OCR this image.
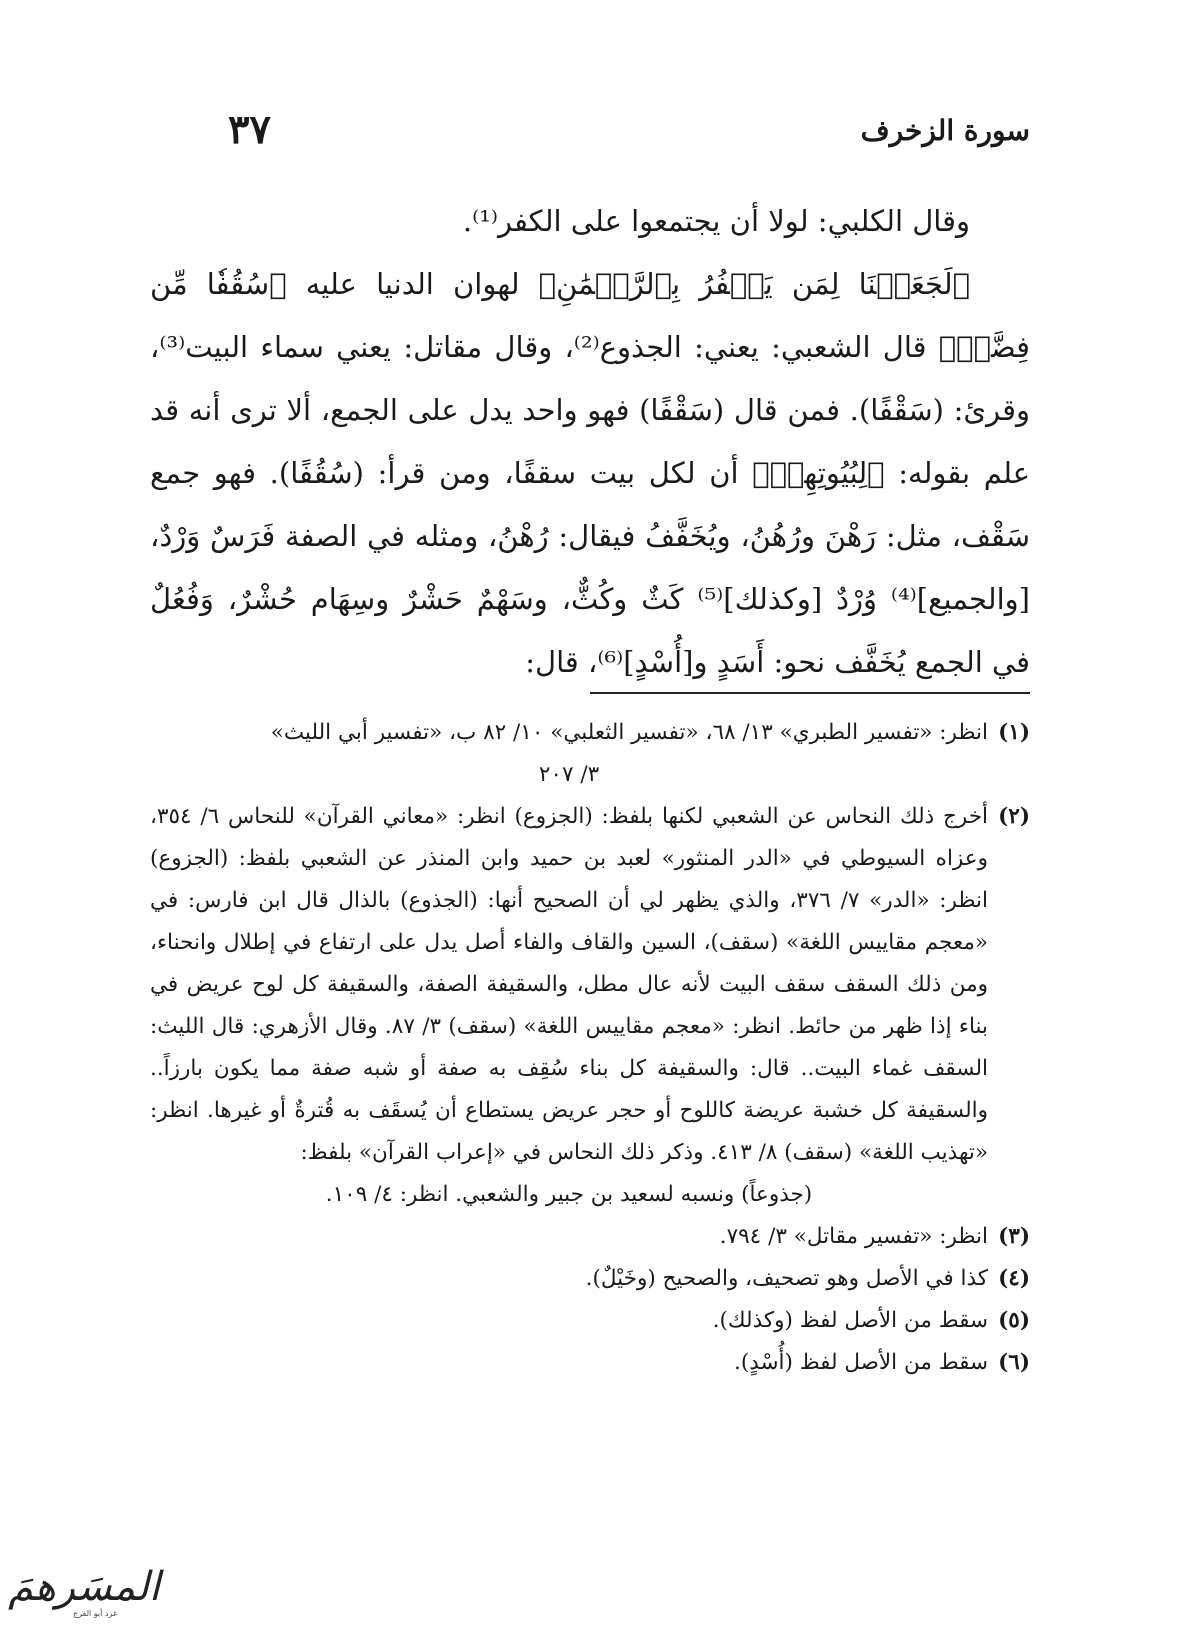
سورة الزخرف
٣٧

وقال الكلبي: لولا أن يجتمعوا على الكفر⁽¹⁾.

﴿لَجَعَلۡنَا لِمَن يَكۡفُرُ بِٱلرَّحۡمَٰنِ﴾ لهوان الدنيا عليه ﴿سُقُفٗا مِّن فِضَّةٖ﴾ قال الشعبي: يعني: الجذوع⁽²⁾، وقال مقاتل: يعني سماء البيت⁽³⁾، وقرئ: (سَقْفًا). فمن قال (سَقْفًا) فهو واحد يدل على الجمع، ألا ترى أنه قد علم بقوله: ﴿لِبُيُوتِهِمۡ﴾ أن لكل بيت سقفًا، ومن قرأ: (سُقُفًا). فهو جمع سَقْف، مثل: رَهْنَ ورُهُنُ، ويُخَفَّفُ فيقال: رُهْنُ، ومثله في الصفة فَرَسٌ وَرْدٌ، [والجميع]⁽⁴⁾ وُرْدٌ [وكذلك]⁽⁵⁾ كَثٌ وكُثٌّ، وسَهْمٌ حَشْرٌ وسِهَام حُشْرٌ، وَفُعُلٌ في الجمع يُخَفَّف نحو: أَسَدٍ و[أُسْدٍ]⁽⁶⁾، قال:

(١)

انظر: «تفسير الطبري» ١٣/ ٦٨، «تفسير الثعلبي» ١٠/ ٨٢ ب، «تفسير أبي الليث»

٣/ ٢٠٧

(٢)

أخرج ذلك النحاس عن الشعبي لكنها بلفظ: (الجزوع) انظر: «معاني القرآن» للنحاس ٦/ ٣٥٤، وعزاه السيوطي في «الدر المنثور» لعبد بن حميد وابن المنذر عن الشعبي بلفظ: (الجزوع) انظر: «الدر» ٧/ ٣٧٦، والذي يظهر لي أن الصحيح أنها: (الجذوع) بالذال قال ابن فارس: في «معجم مقاييس اللغة» (سقف)، السين والقاف والفاء أصل يدل على ارتفاع في إطلال وانحناء، ومن ذلك السقف سقف البيت لأنه عال مطل، والسقيفة الصفة، والسقيفة كل لوح عريض في بناء إذا ظهر من حائط. انظر: «معجم مقاييس اللغة» (سقف) ٣/ ٨٧. وقال الأزهري: قال الليث: السقف غماء البيت.. قال: والسقيفة كل بناء سُقِف به صفة أو شبه صفة مما يكون بارزاً.. والسقيفة كل خشبة عريضة كاللوح أو حجر عريض يستطاع أن يُسقَف به قُترةٌ أو غيرها. انظر: «تهذيب اللغة» (سقف) ٨/ ٤١٣. وذكر ذلك النحاس في «إعراب القرآن» بلفظ:

(جذوعاً) ونسبه لسعيد بن جبير والشعبي. انظر: ٤/ ١٠٩.

(٣)

انظر: «تفسير مقاتل» ٣/ ٧٩٤.

(٤)

كذا في الأصل وهو تصحيف، والصحيح (وخَيْلٌ).

(٥)

سقط من الأصل لفظ (وكذلك).

(٦)

سقط من الأصل لفظ (أُسْدٍ).

المسَرهمَ
غرد أبو الفرج
